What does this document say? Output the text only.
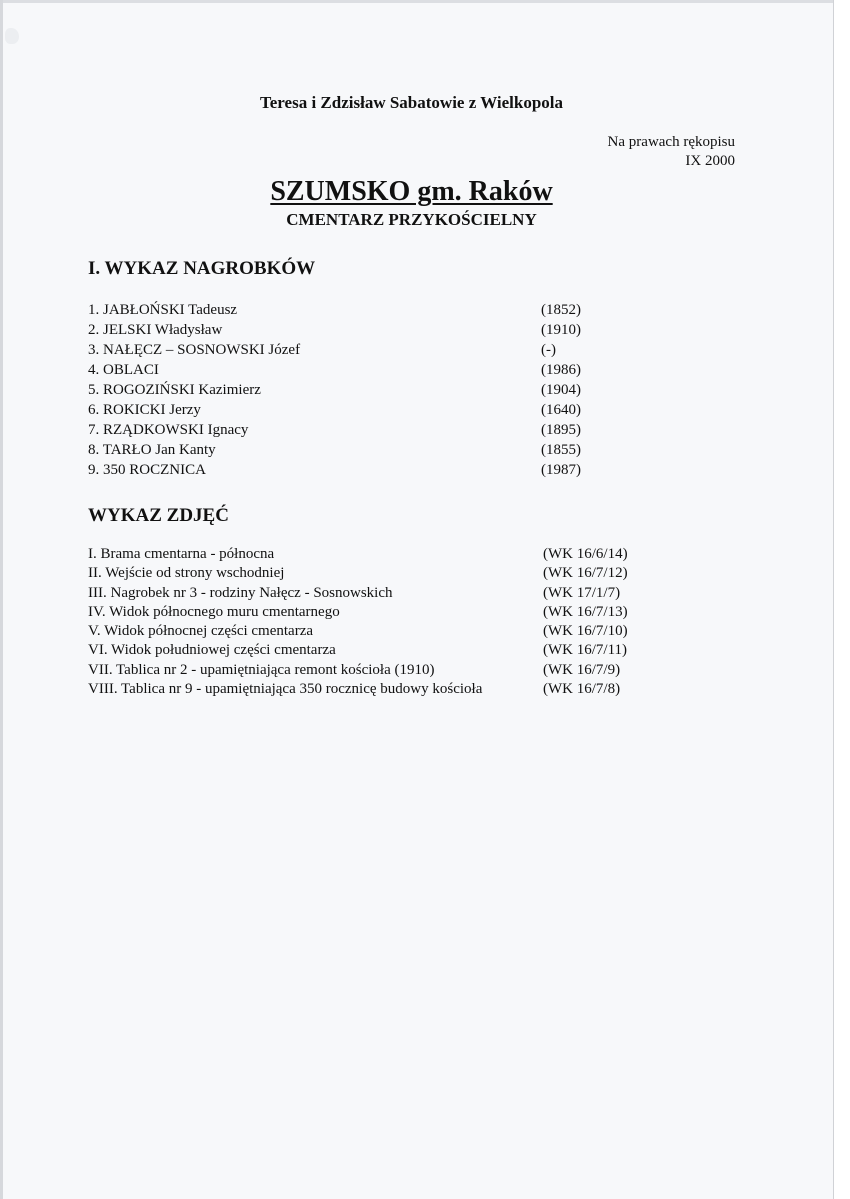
Teresa i Zdzisław Sabatowie z Wielkopola
Na prawach rękopisu
IX 2000
SZUMSKO gm. Raków
CMENTARZ PRZYKOŚCIELNY
I. WYKAZ NAGROBKÓW
1. JABŁOŃSKI Tadeusz	(1852)
2. JELSKI Władysław	(1910)
3. NAŁĘCZ – SOSNOWSKI Józef	(-)
4. OBLACI	(1986)
5. ROGOZIŃSKI Kazimierz	(1904)
6. ROKICKI Jerzy	(1640)
7. RZĄDKOWSKI Ignacy	(1895)
8. TARŁO Jan Kanty	(1855)
9. 350 ROCZNICA	(1987)
WYKAZ ZDJĘĆ
I. Brama cmentarna - północna	(WK 16/6/14)
II. Wejście od strony wschodniej	(WK 16/7/12)
III. Nagrobek nr 3 - rodziny Nałęcz - Sosnowskich	(WK 17/1/7)
IV. Widok północnego muru cmentarnego	(WK 16/7/13)
V. Widok północnej części cmentarza	(WK 16/7/10)
VI. Widok południowej części cmentarza	(WK 16/7/11)
VII. Tablica nr 2 - upamiętniająca remont kościoła (1910)	(WK 16/7/9)
VIII. Tablica nr 9 - upamiętniająca 350 rocznicę budowy kościoła	(WK 16/7/8)
